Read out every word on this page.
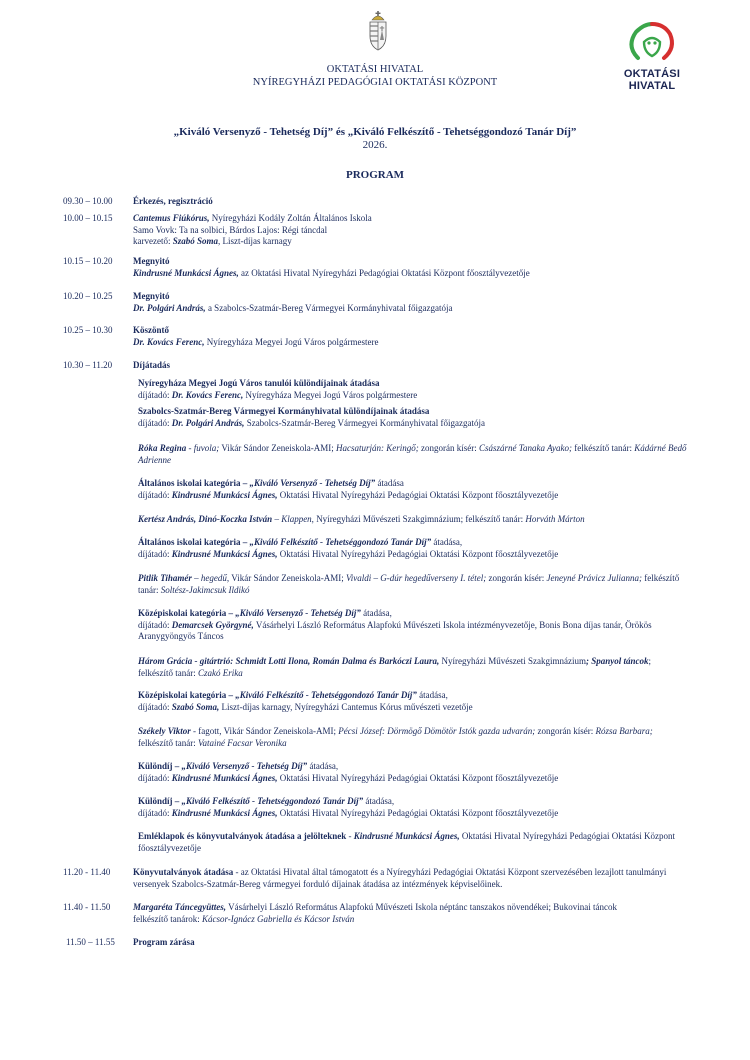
OKTATÁSI HIVATAL
NYÍREGYHÁZI PEDAGÓGIAI OKTATÁSI KÖZPONT
OKTATÁSI
HIVATAL
„Kiváló Versenyző - Tehetség Díj” és „Kiváló Felkészítő - Tehetséggondozó Tanár Díj”
2026.
PROGRAM
09.30 – 10.00	Érkezés, regisztráció
10.00 – 10.15	Cantemus Fiúkórus, Nyíregyházi Kodály Zoltán Általános Iskola

Samo Vovk: Ta na solbici, Bárdos Lajos: Régi táncdal

karvezető: Szabó Soma, Liszt-díjas karnagy

10.15 – 10.20	Megnyitó

Kindrusné Munkácsi Ágnes, az Oktatási Hivatal Nyíregyházi Pedagógiai Oktatási Központ főosztályvezetője

10.20 – 10.25	Megnyitó

Dr. Polgári András, a Szabolcs-Szatmár-Bereg Vármegyei Kormányhivatal főigazgatója

10.25 – 10.30	Köszöntő

Dr. Kovács Ferenc, Nyíregyháza Megyei Jogú Város polgármestere

10.30 – 11.20	Díjátadás

Nyíregyháza Megyei Jogú Város tanulói különdíjainak átadása

díjátadó: Dr. Kovács Ferenc, Nyíregyháza Megyei Jogú Város polgármestere

Szabolcs-Szatmár-Bereg Vármegyei Kormányhivatal különdíjainak átadása

díjátadó: Dr. Polgári András, Szabolcs-Szatmár-Bereg Vármegyei Kormányhivatal főigazgatója

Róka Regina - fuvola; Vikár Sándor Zeneiskola-AMI; Hacsaturján: Keringő; zongorán kísér: Császárné Tanaka Ayako; felkészítő tanár: Kádárné Bedő Adrienne

Általános iskolai kategória – „Kiváló Versenyző - Tehetség Díj” átadása

díjátadó: Kindrusné Munkácsi Ágnes, Oktatási Hivatal Nyíregyházi Pedagógiai Oktatási Központ főosztályvezetője

Kertész András, Dinó-Koczka István – Klappen, Nyíregyházi Művészeti Szakgimnázium; felkészítő tanár: Horváth Márton

Általános iskolai kategória – „Kiváló Felkészítő - Tehetséggondozó Tanár Díj” átadása,

díjátadó: Kindrusné Munkácsi Ágnes, Oktatási Hivatal Nyíregyházi Pedagógiai Oktatási Központ főosztályvezetője

Pitlik Tihamér – hegedű, Vikár Sándor Zeneiskola-AMI; Vivaldi – G-dúr hegedűverseny I. tétel; zongorán kísér: Jeneyné Právicz Julianna; felkészítő tanár: Soltész-Jakimcsuk Ildikó

Középiskolai kategória – „Kiváló Versenyző - Tehetség Díj” átadása,

díjátadó: Demarcsek Györgyné, Vásárhelyi László Református Alapfokú Művészeti Iskola intézményvezetője, Bonis Bona díjas tanár, Örökös Aranygyöngyös Táncos

Három Grácia - gitártrió: Schmidt Lotti Ilona, Román Dalma és Barkóczi Laura, Nyíregyházi Művészeti Szakgimnázium; Spanyol táncok; felkészítő tanár: Czakó Erika

Középiskolai kategória – „Kiváló Felkészítő - Tehetséggondozó Tanár Díj” átadása,

díjátadó: Szabó Soma, Liszt-díjas karnagy, Nyíregyházi Cantemus Kórus művészeti vezetője

Székely Viktor - fagott, Vikár Sándor Zeneiskola-AMI; Pécsi József: Dörmögő Dömötör Istók gazda udvarán; zongorán kísér: Rózsa Barbara; felkészítő tanár: Vatainé Facsar Veronika

Különdíj – „Kiváló Versenyző - Tehetség Díj” átadása,

díjátadó: Kindrusné Munkácsi Ágnes, Oktatási Hivatal Nyíregyházi Pedagógiai Oktatási Központ főosztályvezetője

Különdíj – „Kiváló Felkészítő - Tehetséggondozó Tanár Díj” átadása,

díjátadó: Kindrusné Munkácsi Ágnes, Oktatási Hivatal Nyíregyházi Pedagógiai Oktatási Központ főosztályvezetője

Emléklapok és könyvutalványok átadása a jelölteknek - Kindrusné Munkácsi Ágnes, Oktatási Hivatal Nyíregyházi Pedagógiai Oktatási Központ főosztályvezetője

11.20 - 11.40	Könyvutalványok átadása - az Oktatási Hivatal által támogatott és a Nyíregyházi Pedagógiai Oktatási Központ szervezésében lezajlott tanulmányi versenyek Szabolcs-Szatmár-Bereg vármegyei forduló díjainak átadása az intézmények képviselőinek.
11.40 - 11.50	Margaréta Táncegyüttes, Vásárhelyi László Református Alapfokú Művészeti Iskola néptánc tanszakos növendékei; Bukovinai táncok

felkészítő tanárok: Kácsor-Ignácz Gabriella és Kácsor István

11.50 – 11.55	Program zárása
